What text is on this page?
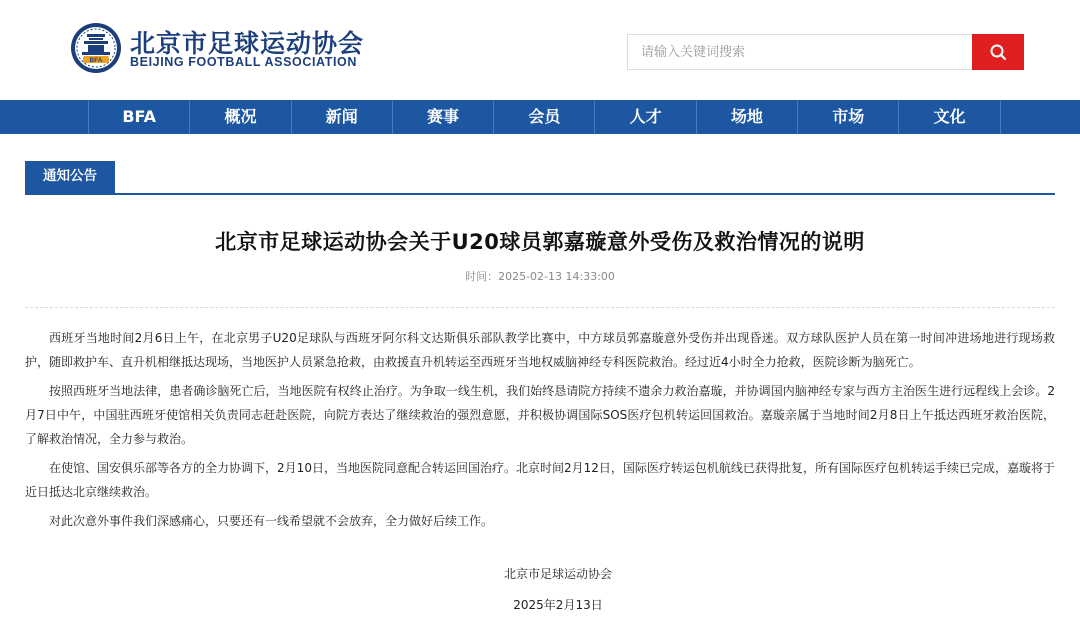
BFA
北京市足球运动协会
BEIJING FOOTBALL ASSOCIATION
请输入关键词搜索
BFA	概况	新闻	赛事	会员	人才	场地	市场	文化
通知公告
北京市足球运动协会关于U20球员郭嘉璇意外受伤及救治情况的说明
时间：2025-02-13 14:33:00

西班牙当地时间2月6日上午，在北京男子U20足球队与西班牙阿尔科文达斯俱乐部队教学比赛中，中方球员郭嘉璇意外受伤并出现昏迷。双方球队医护人员在第一时间冲进场地进行现场救护，随即救护车、直升机相继抵达现场，当地医护人员紧急抢救，由救援直升机转运至西班牙当地权威脑神经专科医院救治。经过近4小时全力抢救，医院诊断为脑死亡。

按照西班牙当地法律，患者确诊脑死亡后，当地医院有权终止治疗。为争取一线生机，我们始终恳请院方持续不遗余力救治嘉璇，并协调国内脑神经专家与西方主治医生进行远程线上会诊。2月7日中午，中国驻西班牙使馆相关负责同志赶赴医院，向院方表达了继续救治的强烈意愿，并积极协调国际SOS医疗包机转运回国救治。嘉璇亲属于当地时间2月8日上午抵达西班牙救治医院，了解救治情况，全力参与救治。

在使馆、国安俱乐部等各方的全力协调下，2月10日，当地医院同意配合转运回国治疗。北京时间2月12日，国际医疗转运包机航线已获得批复，所有国际医疗包机转运手续已完成，嘉璇将于近日抵达北京继续救治。

对此次意外事件我们深感痛心，只要还有一线希望就不会放弃，全力做好后续工作。

北京市足球运动协会
2025年2月13日
